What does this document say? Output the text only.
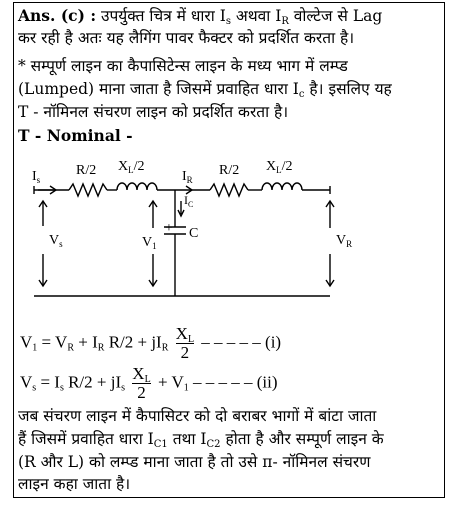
Ans. (c) : उपर्युक्त चित्र में धारा $I_s$ अथवा $I_R$ वोल्टेज से Lag
कर रही है अतः यह लैगिंग पावर फैक्टर को प्रदर्शित करता है।
* सम्पूर्ण लाइन का कैपासिटेन्स लाइन के मध्य भाग में लम्प्ड
(Lumped) माना जाता है जिसमें प्रवाहित धारा $I_c$ है। इसलिए यह
T - नॉमिनल संचरण लाइन को प्रदर्शित करता है।
T - Nominal -
$I_s$
R/2 $X_L/2$
$I_R$
R/2 $X_L/2$
$I_C$
C
+
$V_s$	$V_1$	$V_R$
$V_1 = V_R + I_R$ $R/2 + jI_R \frac{X_L}{2}$ – – – – – (i)
$V_s = I_s$ $R/2 + jI_s \frac{X_L}{2} + V_1$ – – – – – (ii)
जब संचरण लाइन में कैपासिटर को दो बराबर भागों में बांटा जाता
हैं जिसमें प्रवाहित धारा $I_{C1}$ तथा $I_{C2}$ होता है और सम्पूर्ण लाइन के
(R और L) को लम्प्ड माना जाता है तो उसे π- नॉमिनल संचरण
लाइन कहा जाता है।
